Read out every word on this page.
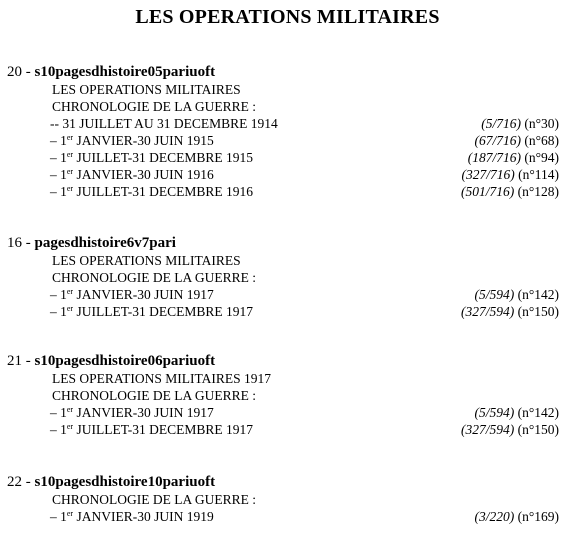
LES OPERATIONS MILITAIRES
20 - s10pagesdhistoire05pariuoft
LES OPERATIONS MILITAIRES
CHRONOLOGIE DE LA GUERRE :
-- 31 JUILLET AU 31 DECEMBRE 1914	(5/716) (n°30)
– 1er JANVIER-30 JUIN 1915	(67/716) (n°68)
– 1er JUILLET-31 DECEMBRE 1915	(187/716) (n°94)
– 1er JANVIER-30 JUIN 1916	(327/716) (n°114)
– 1er JUILLET-31 DECEMBRE 1916	(501/716) (n°128)
16 - pagesdhistoire6v7pari
LES OPERATIONS MILITAIRES
CHRONOLOGIE DE LA GUERRE :
– 1er JANVIER-30 JUIN 1917	(5/594) (n°142)
– 1er JUILLET-31 DECEMBRE 1917	(327/594) (n°150)
21 - s10pagesdhistoire06pariuoft
LES OPERATIONS MILITAIRES 1917
CHRONOLOGIE DE LA GUERRE :
– 1er JANVIER-30 JUIN 1917	(5/594) (n°142)
– 1er JUILLET-31 DECEMBRE 1917	(327/594) (n°150)
22 - s10pagesdhistoire10pariuoft
CHRONOLOGIE DE LA GUERRE :
– 1er JANVIER-30 JUIN 1919	(3/220) (n°169)
